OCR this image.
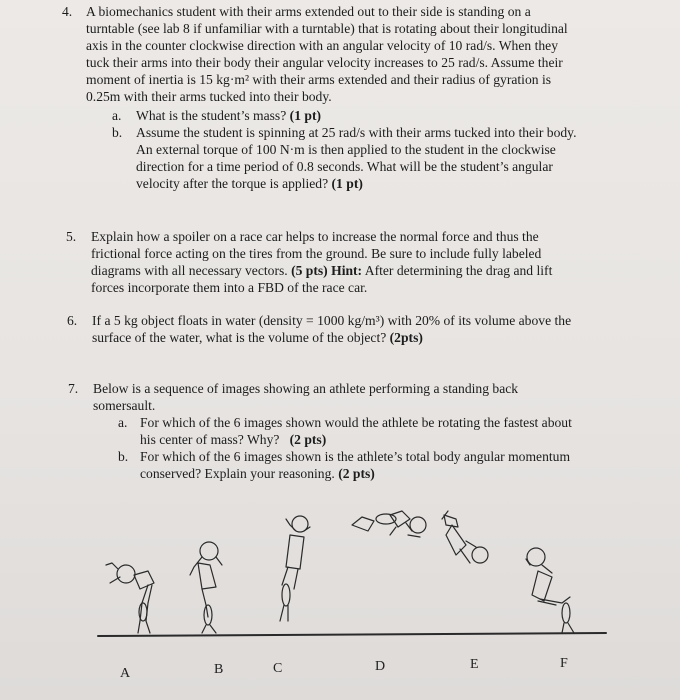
4. A biomechanics student with their arms extended out to their side is standing on a
turntable (see lab 8 if unfamiliar with a turntable) that is rotating about their longitudinal
axis in the counter clockwise direction with an angular velocity of 10 rad/s. When they
tuck their arms into their body their angular velocity increases to 25 rad/s. Assume their
moment of inertia is 15 kg·m² with their arms extended and their radius of gyration is
0.25m with their arms tucked into their body.
a. What is the student’s mass? (1 pt)
b. Assume the student is spinning at 25 rad/s with their arms tucked into their body.
An external torque of 100 N·m is then applied to the student in the clockwise
direction for a time period of 0.8 seconds. What will be the student’s angular
velocity after the torque is applied? (1 pt)
5. Explain how a spoiler on a race car helps to increase the normal force and thus the
frictional force acting on the tires from the ground. Be sure to include fully labeled
diagrams with all necessary vectors. (5 pts) Hint: After determining the drag and lift
forces incorporate them into a FBD of the race car.
6. If a 5 kg object floats in water (density = 1000 kg/m³) with 20% of its volume above the
surface of the water, what is the volume of the object? (2pts)
7. Below is a sequence of images showing an athlete performing a standing back
somersault.
a. For which of the 6 images shown would the athlete be rotating the fastest about
his center of mass? Why? (2 pts)
b. For which of the 6 images shown is the athlete’s total body angular momentum
conserved? Explain your reasoning. (2 pts)
A	B	C	D	E	F
